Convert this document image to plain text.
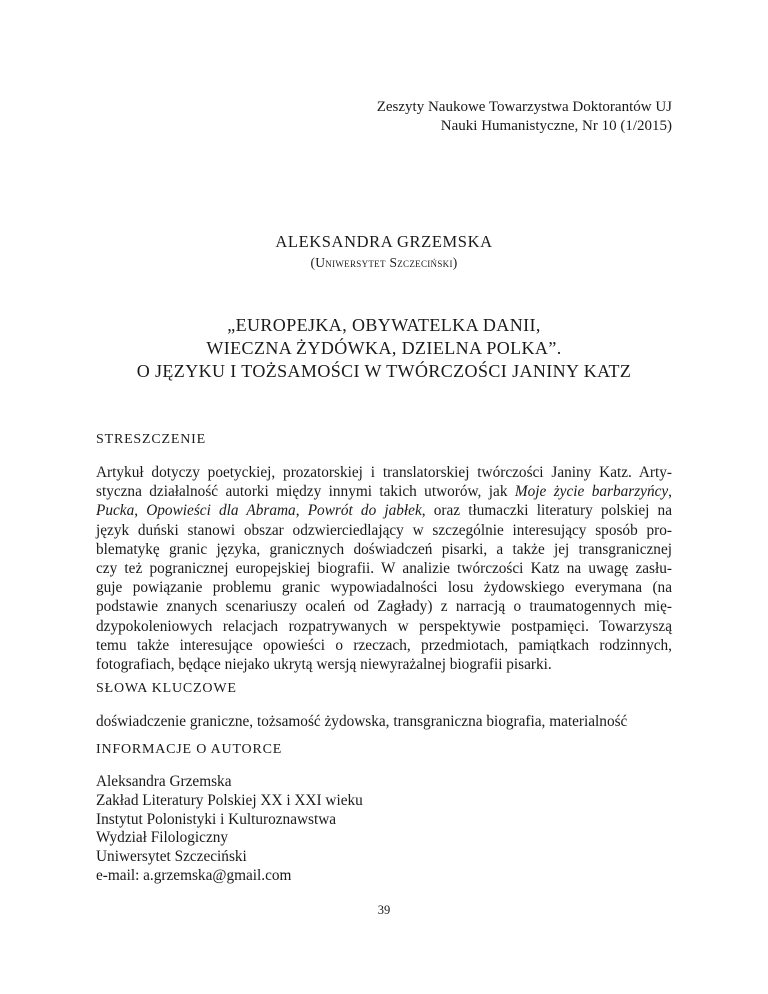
Zeszyty Naukowe Towarzystwa Doktorantów UJ
Nauki Humanistyczne, Nr 10 (1/2015)
ALEKSANDRA GRZEMSKA
(Uniwersytet Szczeciński)
„EUROPEJKA, OBYWATELKA DANII,
WIECZNA ŻYDÓWKA, DZIELNA POLKA”.
O JĘZYKU I TOŻSAMOŚCI W TWÓRCZOŚCI JANINY KATZ
STRESZCZENIE
Artykuł dotyczy poetyckiej, prozatorskiej i translatorskiej twórczości Janiny Katz. Arty-
styczna działalność autorki między innymi takich utworów, jak Moje życie barbarzyńcy,
Pucka, Opowieści dla Abrama, Powrót do jabłek, oraz tłumaczki literatury polskiej na
język duński stanowi obszar odzwierciedlający w szczególnie interesujący sposób pro-
blematykę granic języka, granicznych doświadczeń pisarki, a także jej transgranicznej
czy też pogranicznej europejskiej biografii. W analizie twórczości Katz na uwagę zasłu-
guje powiązanie problemu granic wypowiadalności losu żydowskiego everymana (na
podstawie znanych scenariuszy ocaleń od Zagłady) z narracją o traumatogennych mię-
dzypokoleniowych relacjach rozpatrywanych w perspektywie postpamięci. Towarzyszą
temu także interesujące opowieści o rzeczach, przedmiotach, pamiątkach rodzinnych,
fotografiach, będące niejako ukrytą wersją niewyrażalnej biografii pisarki.
SŁOWA KLUCZOWE
doświadczenie graniczne, tożsamość żydowska, transgraniczna biografia, materialność
INFORMACJE O AUTORCE
Aleksandra Grzemska
Zakład Literatury Polskiej XX i XXI wieku
Instytut Polonistyki i Kulturoznawstwa
Wydział Filologiczny
Uniwersytet Szczeciński
e-mail: a.grzemska@gmail.com
39
